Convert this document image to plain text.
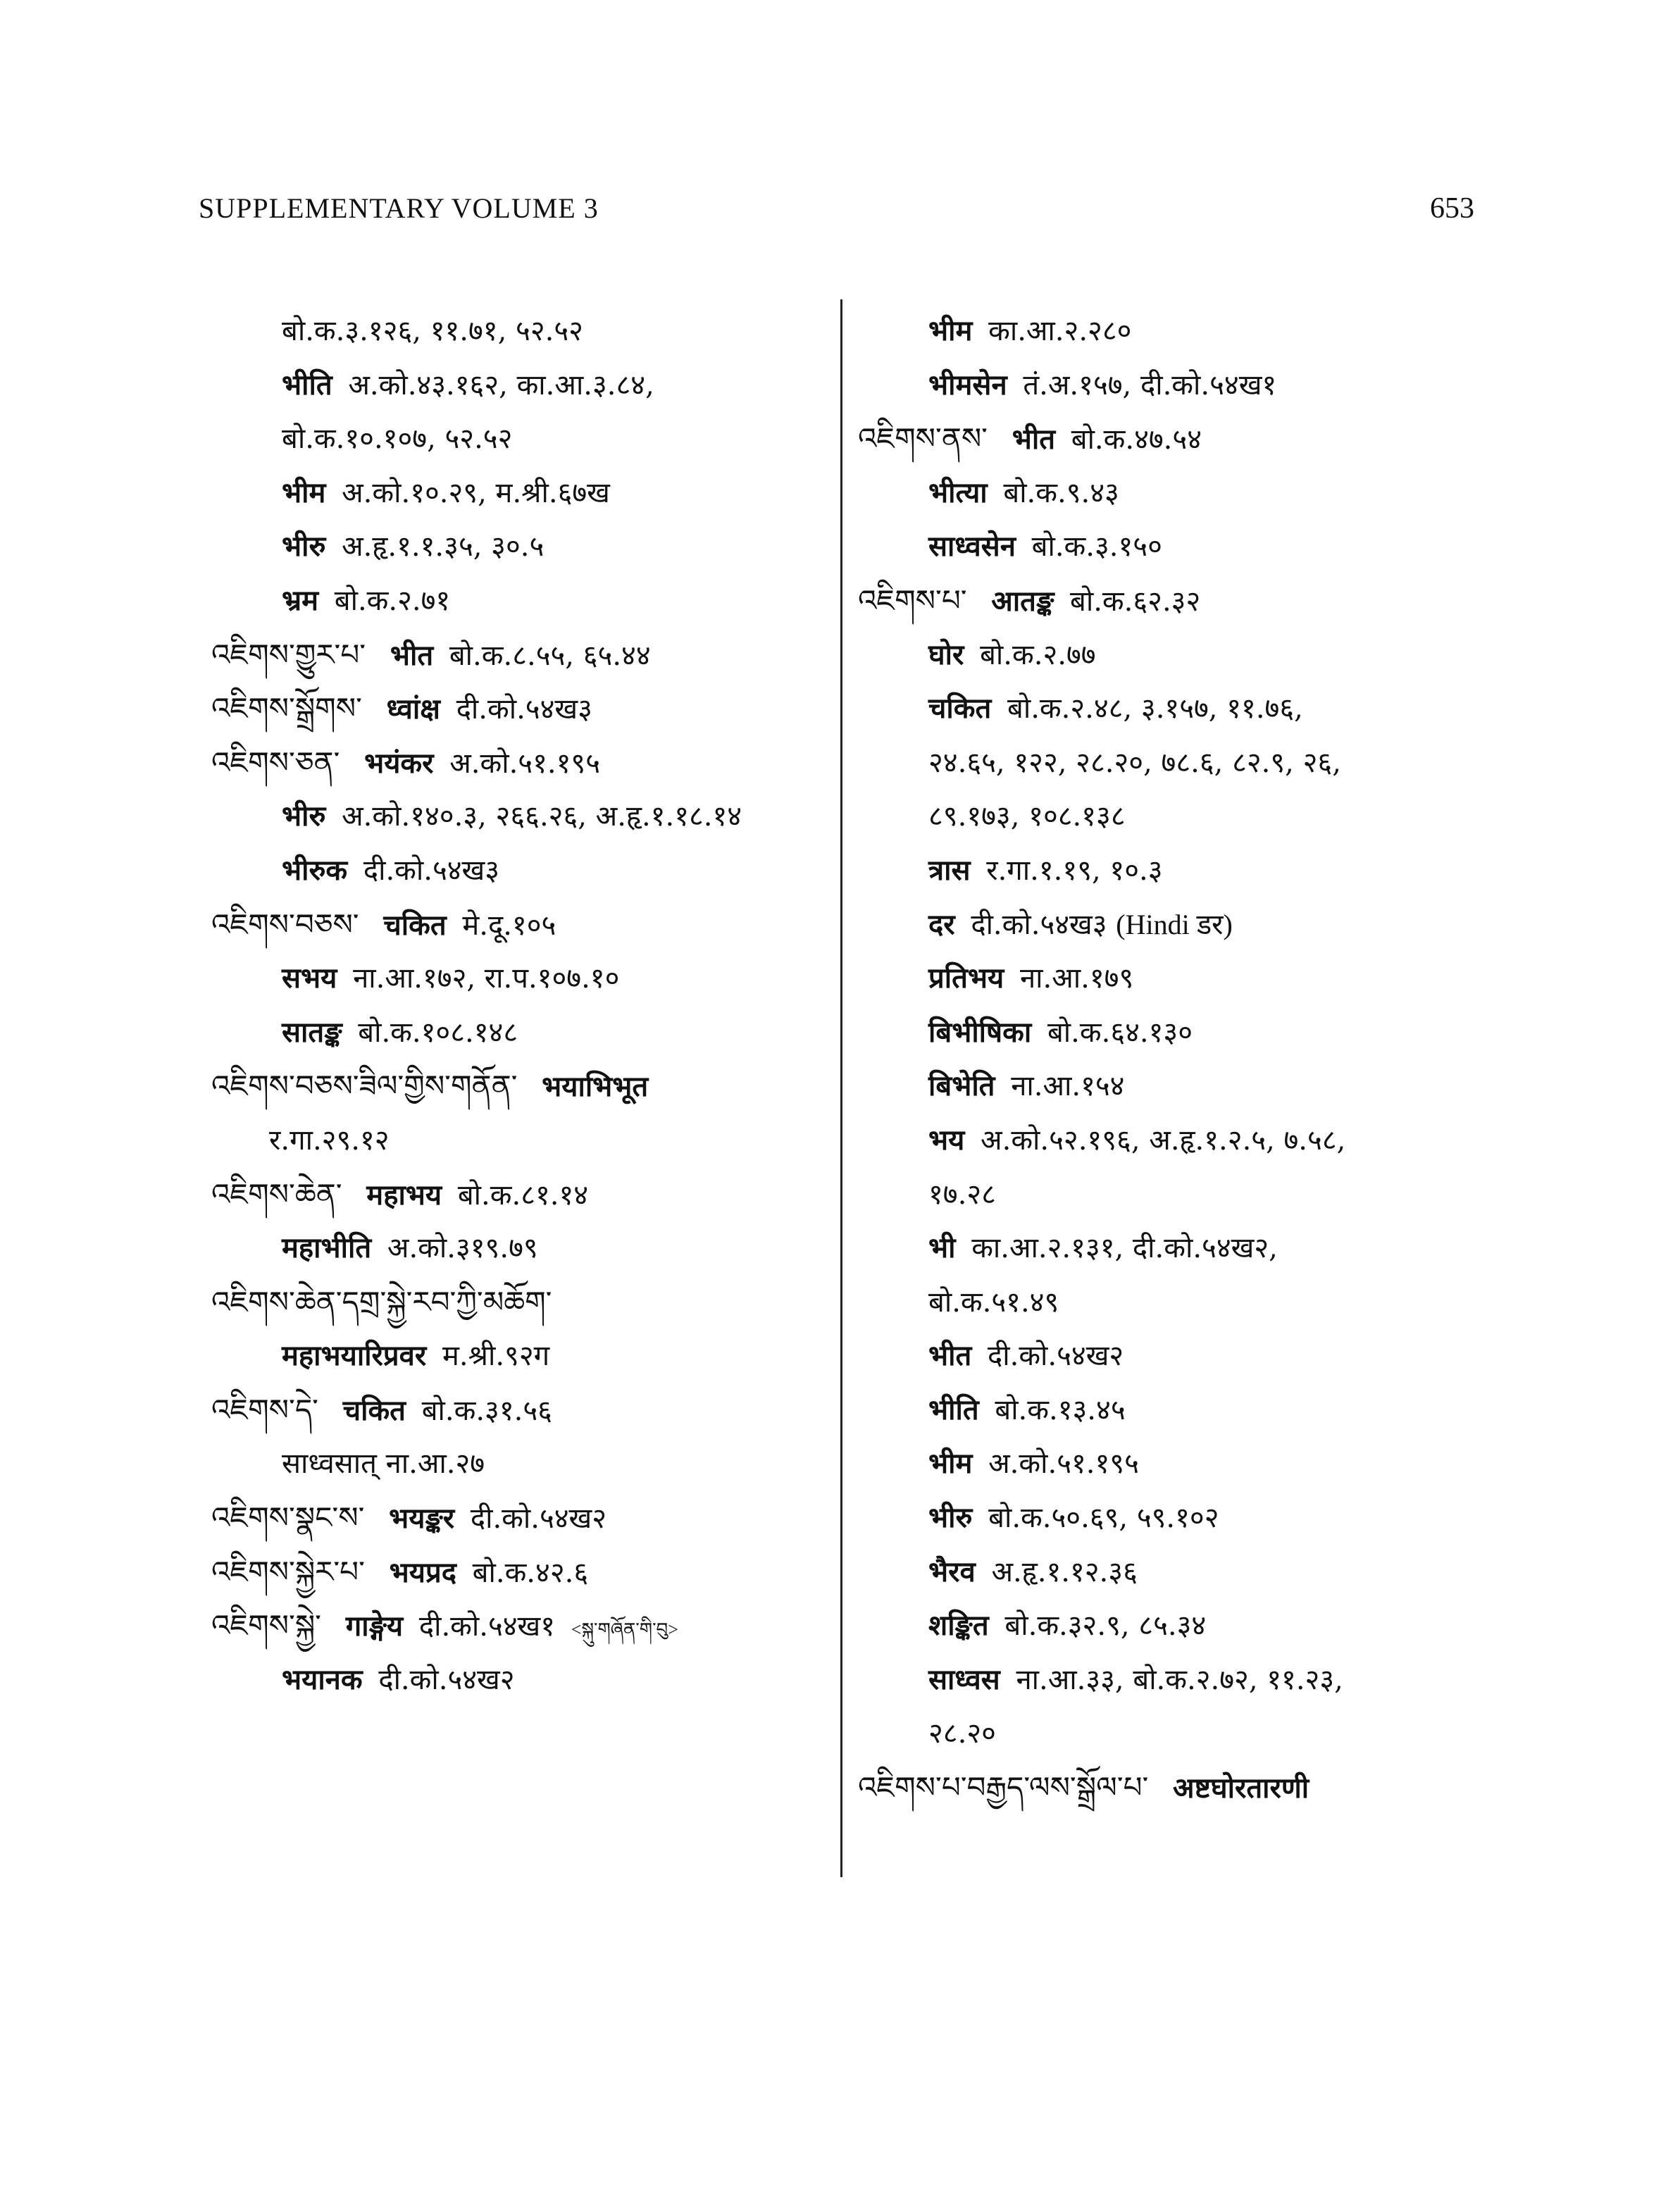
SUPPLEMENTARY VOLUME 3	653
बो.क.३.१२६, ११.७१, ५२.५२
भीति अ.को.४३.१६२, का.आ.३.८४,
बो.क.१०.१०७, ५२.५२
भीम अ.को.१०.२९, म.श्री.६७ख
भीरु अ.हृ.१.१.३५, ३०.५
भ्रम बो.क.२.७१
འཇིགས་གྱུར་པ་ भीत बो.क.८.५५, ६५.४४
འཇིགས་སྒྲོགས་ ध्वांक्ष दी.को.५४ख३
འཇིགས་ཅན་ भयंकर अ.को.५१.१९५
भीरु अ.को.१४०.३, २६६.२६, अ.हृ.१.१८.१४
भीरुक दी.को.५४ख३
འཇིགས་བཅས་ चकित मे.दू.१०५
सभय ना.आ.१७२, रा.प.१०७.१०
सातङ्क बो.क.१०८.१४८
འཇིགས་བཅས་ཟིལ་གྱིས་གནོན་ भयाभिभूत
र.गा.२९.१२
འཇིགས་ཆེན་ महाभय बो.क.८१.१४
महाभीति अ.को.३१९.७९
འཇིགས་ཆེན་དགྲ་སྐྱེ་རབ་ཀྱི་མཆོག་
महाभयारिप्रवर म.श्री.९२ग
འཇིགས་དེ་ चकित बो.क.३१.५६
साध्वसात् ना.आ.२७
འཇིགས་སྣང་ས་ भयङ्कर दी.को.५४ख२
འཇིགས་སྐྱེར་པ་ भयप्रद बो.क.४२.६
འཇིགས་སྐྱེ་ गाङ्गेय दी.को.५४ख१ <སྐུ་གཞོན་གི་བུ>
भयानक दी.को.५४ख२
भीम का.आ.२.२८०
भीमसेन तं.अ.१५७, दी.को.५४ख१
འཇིགས་ནས་ भीत बो.क.४७.५४
भीत्या बो.क.९.४३
साध्वसेन बो.क.३.१५०
འཇིགས་པ་ आतङ्क बो.क.६२.३२
घोर बो.क.२.७७
चकित बो.क.२.४८, ३.१५७, ११.७६,
२४.६५, १२२, २८.२०, ७८.६, ८२.९, २६,
८९.१७३, १०८.१३८
त्रास र.गा.१.१९, १०.३
दर दी.को.५४ख३ (Hindi डर)
प्रतिभय ना.आ.१७९
बिभीषिका बो.क.६४.१३०
बिभेति ना.आ.१५४
भय अ.को.५२.१९६, अ.हृ.१.२.५, ७.५८,
१७.२८
भी का.आ.२.१३१, दी.को.५४ख२,
बो.क.५१.४९
भीत दी.को.५४ख२
भीति बो.क.१३.४५
भीम अ.को.५१.१९५
भीरु बो.क.५०.६९, ५९.१०२
भैरव अ.हृ.१.१२.३६
शङ्कित बो.क.३२.९, ८५.३४
साध्वस ना.आ.३३, बो.क.२.७२, ११.२३,
२८.२०
འཇིགས་པ་བརྒྱད་ལས་སྒྲོལ་པ་ अष्टघोरतारणी
